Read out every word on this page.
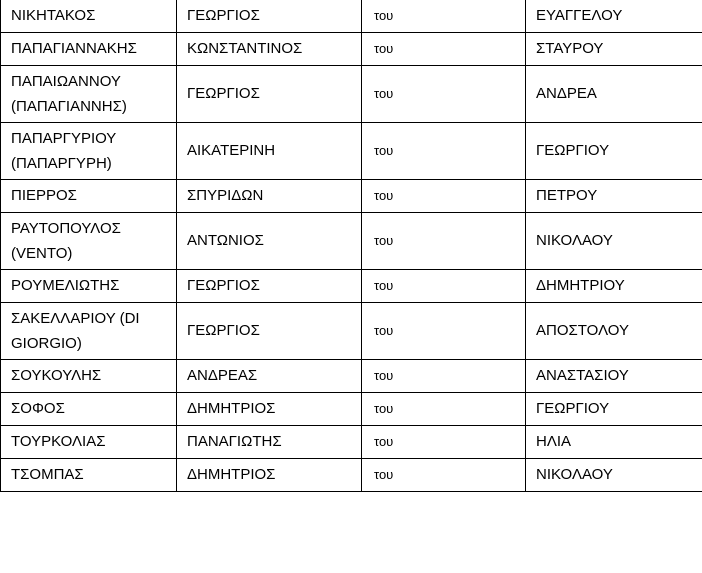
ΝΙΚΗΤΑΚΟΣ	ΓΕΩΡΓΙΟΣ	του	ΕΥΑΓΓΕΛΟΥ
ΠΑΠΑΓΙΑΝΝΑΚΗΣ	ΚΩΝΣΤΑΝΤΙΝΟΣ	του	ΣΤΑΥΡΟΥ
ΠΑΠΑΙΩΑΝΝΟΥ (ΠΑΠΑΓΙΑΝΝΗΣ)	ΓΕΩΡΓΙΟΣ	του	ΑΝΔΡΕΑ
ΠΑΠΑΡΓΥΡΙΟΥ (ΠΑΠΑΡΓΥΡΗ)	ΑΙΚΑΤΕΡΙΝΗ	του	ΓΕΩΡΓΙΟΥ
ΠΙΕΡΡΟΣ	ΣΠΥΡΙΔΩΝ	του	ΠΕΤΡΟΥ
ΡΑΥΤΟΠΟΥΛΟΣ (VENTO)	ΑΝΤΩΝΙΟΣ	του	ΝΙΚΟΛΑΟΥ
ΡΟΥΜΕΛΙΩΤΗΣ	ΓΕΩΡΓΙΟΣ	του	ΔΗΜΗΤΡΙΟΥ
ΣΑΚΕΛΛΑΡΙΟΥ (DI GIORGIO)	ΓΕΩΡΓΙΟΣ	του	ΑΠΟΣΤΟΛΟΥ
ΣΟΥΚΟΥΛΗΣ	ΑΝΔΡΕΑΣ	του	ΑΝΑΣΤΑΣΙΟΥ
ΣΟΦΟΣ	ΔΗΜΗΤΡΙΟΣ	του	ΓΕΩΡΓΙΟΥ
ΤΟΥΡΚΟΛΙΑΣ	ΠΑΝΑΓΙΩΤΗΣ	του	ΗΛΙΑ
ΤΣΟΜΠΑΣ	ΔΗΜΗΤΡΙΟΣ	του	ΝΙΚΟΛΑΟΥ
